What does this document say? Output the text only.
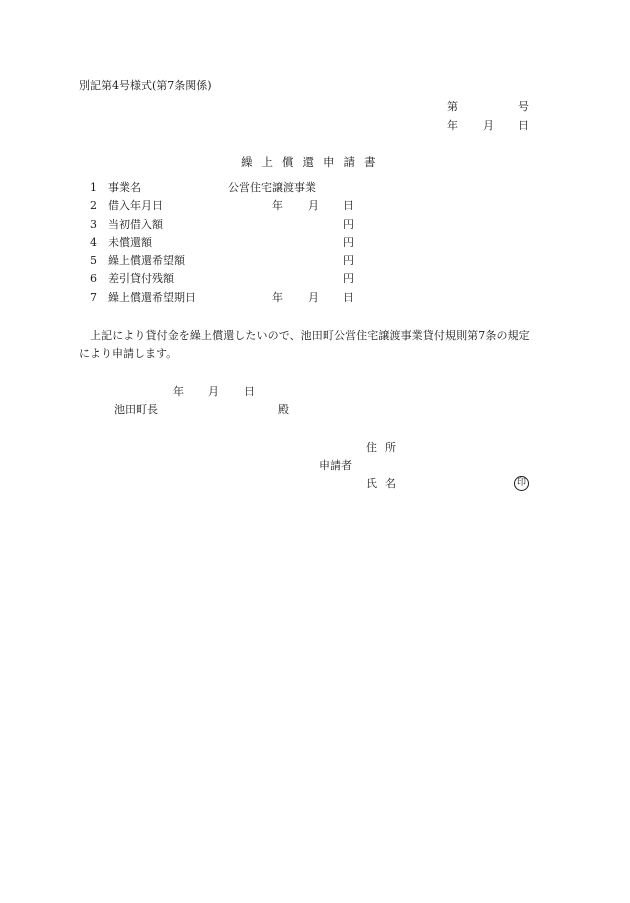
別記第4号様式(第7条関係)
第	号
年 月 日
繰上償還申請書
1 事業名	公営住宅譲渡事業
2 借入年月日	年 月 日
3 当初借入額	円
4 未償還額	円
5 繰上償還希望額	円
6 差引貸付残額	円
7 繰上償還希望期日	年 月 日
上記により貸付金を繰上償還したいので、池田町公営住宅譲渡事業貸付規則第7条の規定
により申請します。
年 月 日
池田町長	殿
住所
申請者
氏名	印
